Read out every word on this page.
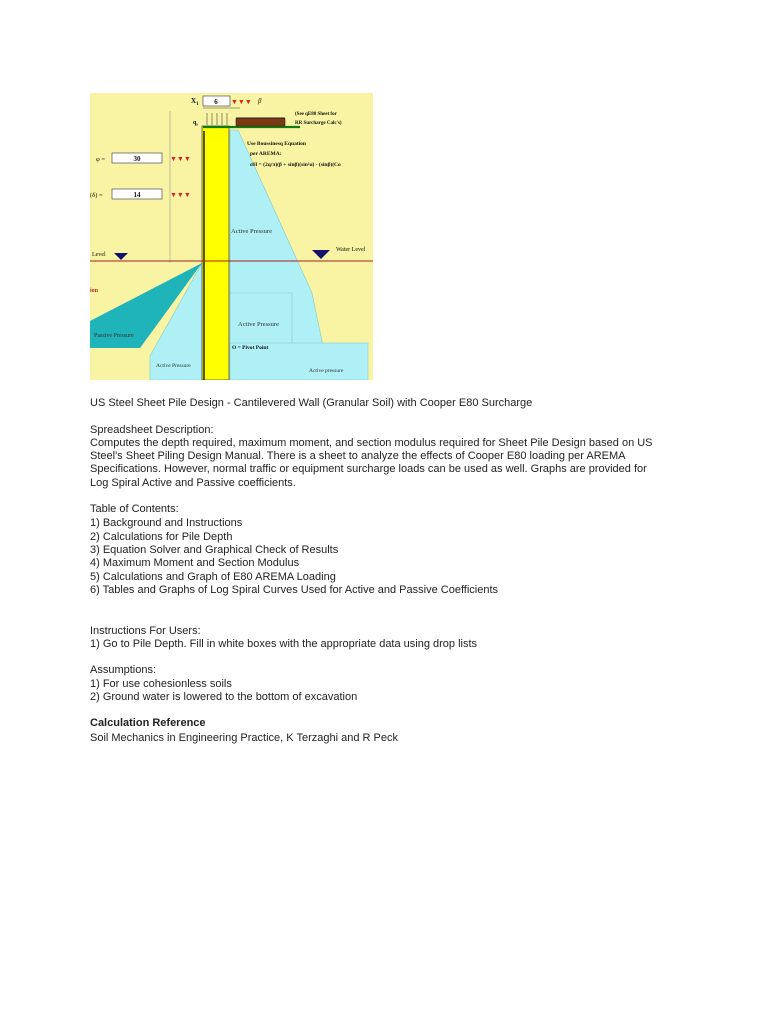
▼▼▼
▼▼▼
▼▼▼
$X_1$ 6	β
(See qE80 Sheet for
RR Surcharge Calc's)
$q_s$
φ =	30
(δ) =	14
Use Boussinesq Equation
per AREMA:
σH = (2q/π)(β + sinβ)(sin²α) - (sinβ)(Co
Active Pressure
Water Level
Level
ion
Active Pressure
Passive Pressure
O = Pivot Point
Active Pressure
Active pressure

US Steel Sheet Pile Design - Cantilevered Wall (Granular Soil) with Cooper E80 Surcharge

Spreadsheet Description:

Computes the depth required, maximum moment, and section modulus required for Sheet Pile Design based on US

Steel's Sheet Piling Design Manual. There is a sheet to analyze the effects of Cooper E80 loading per AREMA

Specifications. However, normal traffic or equipment surcharge loads can be used as well. Graphs are provided for

Log Spiral Active and Passive coefficients.

Table of Contents:

1) Background and Instructions

2) Calculations for Pile Depth

3) Equation Solver and Graphical Check of Results

4) Maximum Moment and Section Modulus

5) Calculations and Graph of E80 AREMA Loading

6) Tables and Graphs of Log Spiral Curves Used for Active and Passive Coefficients

Instructions For Users:

1) Go to Pile Depth. Fill in white boxes with the appropriate data using drop lists

Assumptions:

1) For use cohesionless soils

2) Ground water is lowered to the bottom of excavation

Calculation Reference

Soil Mechanics in Engineering Practice, K Terzaghi and R Peck
